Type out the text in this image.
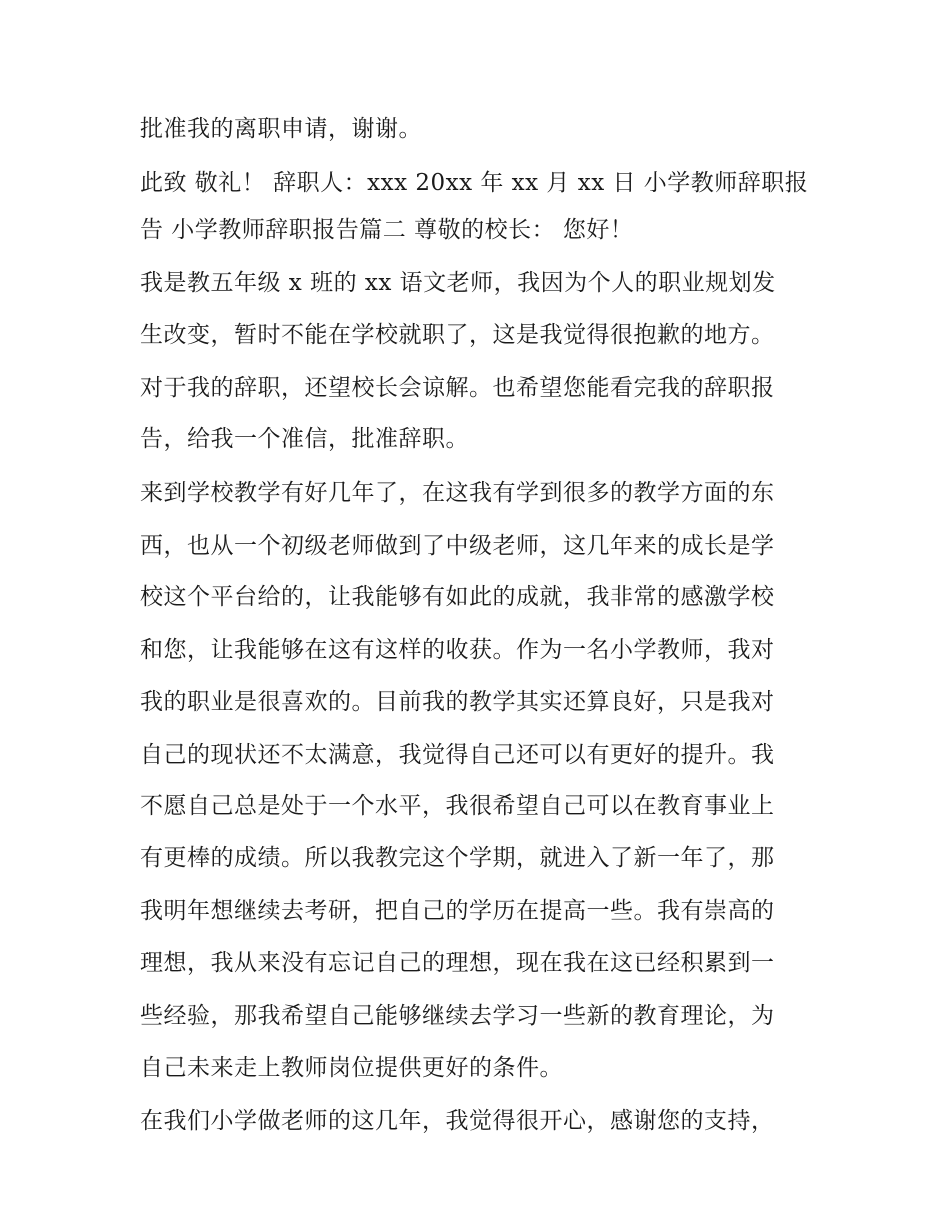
批准我的离职申请，谢谢。
此致 敬礼！ 辞职人：xxx 20xx 年 xx 月 xx 日 小学教师辞职报
告 小学教师辞职报告篇二 尊敬的校长： 您好！
我是教五年级 x 班的 xx 语文老师，我因为个人的职业规划发
生改变，暂时不能在学校就职了，这是我觉得很抱歉的地方。
对于我的辞职，还望校长会谅解。也希望您能看完我的辞职报
告，给我一个准信，批准辞职。
来到学校教学有好几年了，在这我有学到很多的教学方面的东
西，也从一个初级老师做到了中级老师，这几年来的成长是学
校这个平台给的，让我能够有如此的成就，我非常的感激学校
和您，让我能够在这有这样的收获。作为一名小学教师，我对
我的职业是很喜欢的。目前我的教学其实还算良好，只是我对
自己的现状还不太满意，我觉得自己还可以有更好的提升。我
不愿自己总是处于一个水平，我很希望自己可以在教育事业上
有更棒的成绩。所以我教完这个学期，就进入了新一年了，那
我明年想继续去考研，把自己的学历在提高一些。我有崇高的
理想，我从来没有忘记自己的理想，现在我在这已经积累到一
些经验，那我希望自己能够继续去学习一些新的教育理论，为
自己未来走上教师岗位提供更好的条件。
在我们小学做老师的这几年，我觉得很开心，感谢您的支持，
